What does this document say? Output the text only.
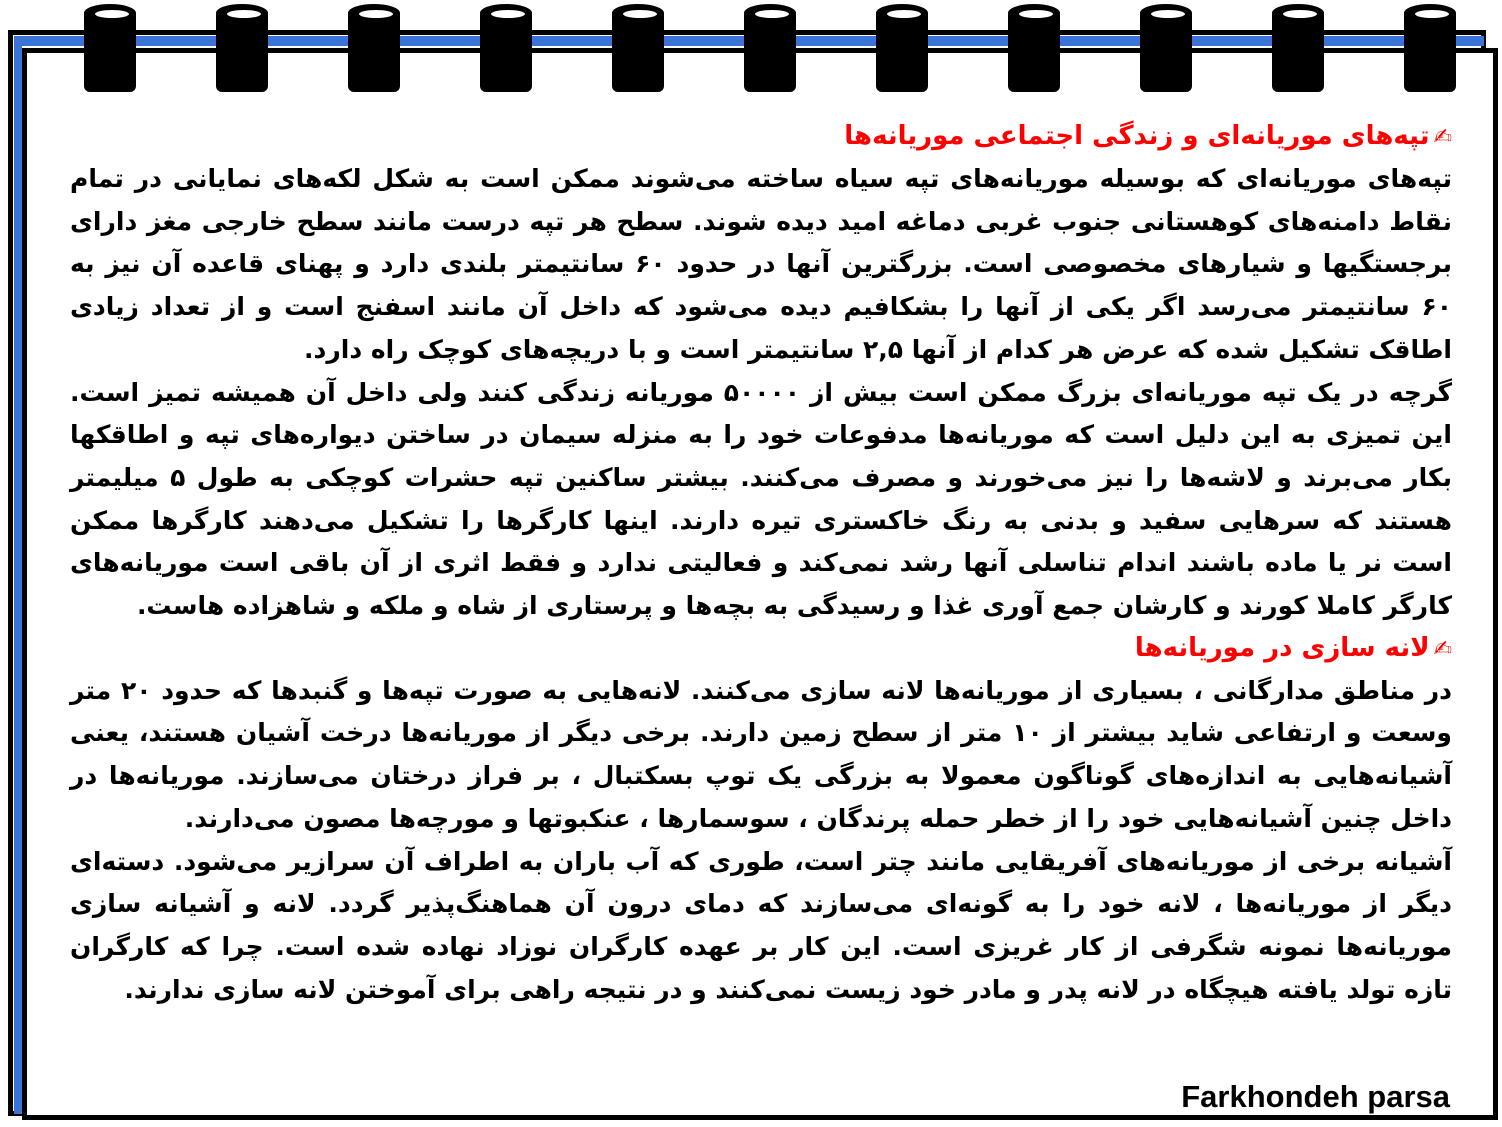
✍تپه‌های موریانه‌ای و زندگی اجتماعی موریانه‌ها

تپه‌های موریانه‌ای که بوسیله موریانه‌های تپه سیاه ساخته می‌شوند ممکن است به شکل لکه‌های نمایانی در تمام نقاط دامنه‌های کوهستانی جنوب غربی دماغه امید دیده شوند. سطح هر تپه درست مانند سطح خارجی مغز دارای برجستگیها و شیارهای مخصوصی است. بزرگترین آنها در حدود ۶۰ سانتیمتر بلندی دارد و پهنای قاعده آن نیز به ۶۰ سانتیمتر می‌رسد اگر یکی از آنها را بشکافیم دیده می‌شود که داخل آن مانند اسفنج است و از تعداد زیادی اطاقک تشکیل شده که عرض هر کدام از آنها ۲,۵ سانتیمتر است و با دریچه‌های کوچک راه دارد.

گرچه در یک تپه موریانه‌ای بزرگ ممکن است بیش از ۵۰۰۰۰ موریانه زندگی کنند ولی داخل آن همیشه تمیز است. این تمیزی به این دلیل است که موریانه‌ها مدفوعات خود را به منزله سیمان در ساختن دیواره‌های تپه و اطاقکها بکار می‌برند و لاشه‌ها را نیز می‌خورند و مصرف می‌کنند. بیشتر ساکنین تپه حشرات کوچکی به طول ۵ میلیمتر هستند که سرهایی سفید و بدنی به رنگ خاکستری تیره دارند. اینها کارگرها را تشکیل می‌دهند کارگرها ممکن است نر یا ماده باشند اندام تناسلی آنها رشد نمی‌کند و فعالیتی ندارد و فقط اثری از آن باقی است موریانه‌های کارگر کاملا کورند و کارشان جمع آوری غذا و رسیدگی به بچه‌ها و پرستاری از شاه و ملکه و شاهزاده هاست.

✍لانه سازی در موریانه‌ها

در مناطق مدارگانی ، بسیاری از موریانه‌ها لانه سازی می‌کنند. لانه‌هایی به صورت تپه‌ها و گنبدها که حدود ۲۰ متر وسعت و ارتفاعی شاید بیشتر از ۱۰ متر از سطح زمین دارند. برخی دیگر از موریانه‌ها درخت آشیان هستند، یعنی آشیانه‌هایی به اندازه‌های گوناگون معمولا به بزرگی یک توپ بسکتبال ، بر فراز درختان می‌سازند. موریانه‌ها در داخل چنین آشیانه‌هایی خود را از خطر حمله پرندگان ، سوسمارها ، عنکبوتها و مورچه‌ها مصون می‌دارند.

آشیانه برخی از موریانه‌های آفریقایی مانند چتر است، طوری که آب باران به اطراف آن سرازیر می‌شود. دسته‌ای دیگر از موریانه‌ها ، لانه خود را به گونه‌ای می‌سازند که دمای درون آن هماهنگ‌پذیر گردد. لانه و آشیانه سازی موریانه‌ها نمونه شگرفی از کار غریزی است. این کار بر عهده کارگران نوزاد نهاده شده است. چرا که کارگران تازه تولد یافته هیچگاه در لانه پدر و مادر خود زیست نمی‌کنند و در نتیجه راهی برای آموختن لانه سازی ندارند.

Farkhondeh parsa
